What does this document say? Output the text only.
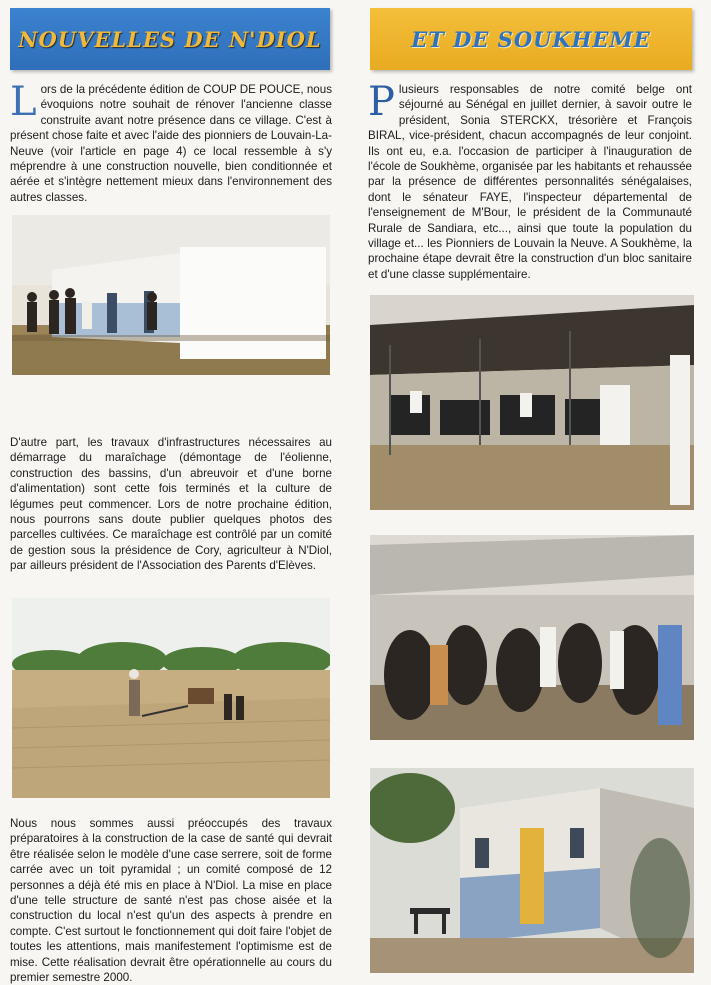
NOUVELLES DE N'DIOL
Lors de la précédente édition de COUP DE POUCE, nous évoquions notre souhait de rénover l'ancienne classe construite avant notre présence dans ce village. C'est à présent chose faite et avec l'aide des pionniers de Louvain-La-Neuve (voir l'article en page 4) ce local ressemble à s'y méprendre à une construction nouvelle, bien conditionnée et aérée et s'intègre nettement mieux dans l'environnement des autres classes.
D'autre part, les travaux d'infrastructures nécessaires au démarrage du maraîchage (démontage de l'éolienne, construction des bassins, d'un abreuvoir et d'une borne d'alimentation) sont cette fois terminés et la culture de légumes peut commencer. Lors de notre prochaine édition, nous pourrons sans doute publier quelques photos des parcelles cultivées. Ce maraîchage est contrôlé par un comité de gestion sous la présidence de Cory, agriculteur à N'Diol, par ailleurs président de l'Association des Parents d'Elèves.
Nous nous sommes aussi préoccupés des travaux préparatoires à la construction de la case de santé qui devrait être réalisée selon le modèle d'une case serrere, soit de forme carrée avec un toit pyramidal ; un comité composé de 12 personnes a déjà été mis en place à N'Diol. La mise en place d'une telle structure de santé n'est pas chose aisée et la construction du local n'est qu'un des aspects à prendre en compte. C'est surtout le fonctionnement qui doit faire l'objet de toutes les attentions, mais manifestement l'optimisme est de mise. Cette réalisation devrait être opérationnelle au cours du premier semestre 2000.
ET DE SOUKHEME
Plusieurs responsables de notre comité belge ont séjourné au Sénégal en juillet dernier, à savoir outre le président, Sonia STERCKX, trésorière et François BIRAL, vice-président, chacun accompagnés de leur conjoint. Ils ont eu, e.a. l'occasion de participer à l'inauguration de l'école de Soukhème, organisée par les habitants et rehaussée par la présence de différentes personnalités sénégalaises, dont le sénateur FAYE, l'inspecteur départemental de l'enseignement de M'Bour, le président de la Communauté Rurale de Sandiara, etc..., ainsi que toute la population du village et... les Pionniers de Louvain la Neuve. A Soukhème, la prochaine étape devrait être la construction d'un bloc sanitaire et d'une classe supplémentaire.
